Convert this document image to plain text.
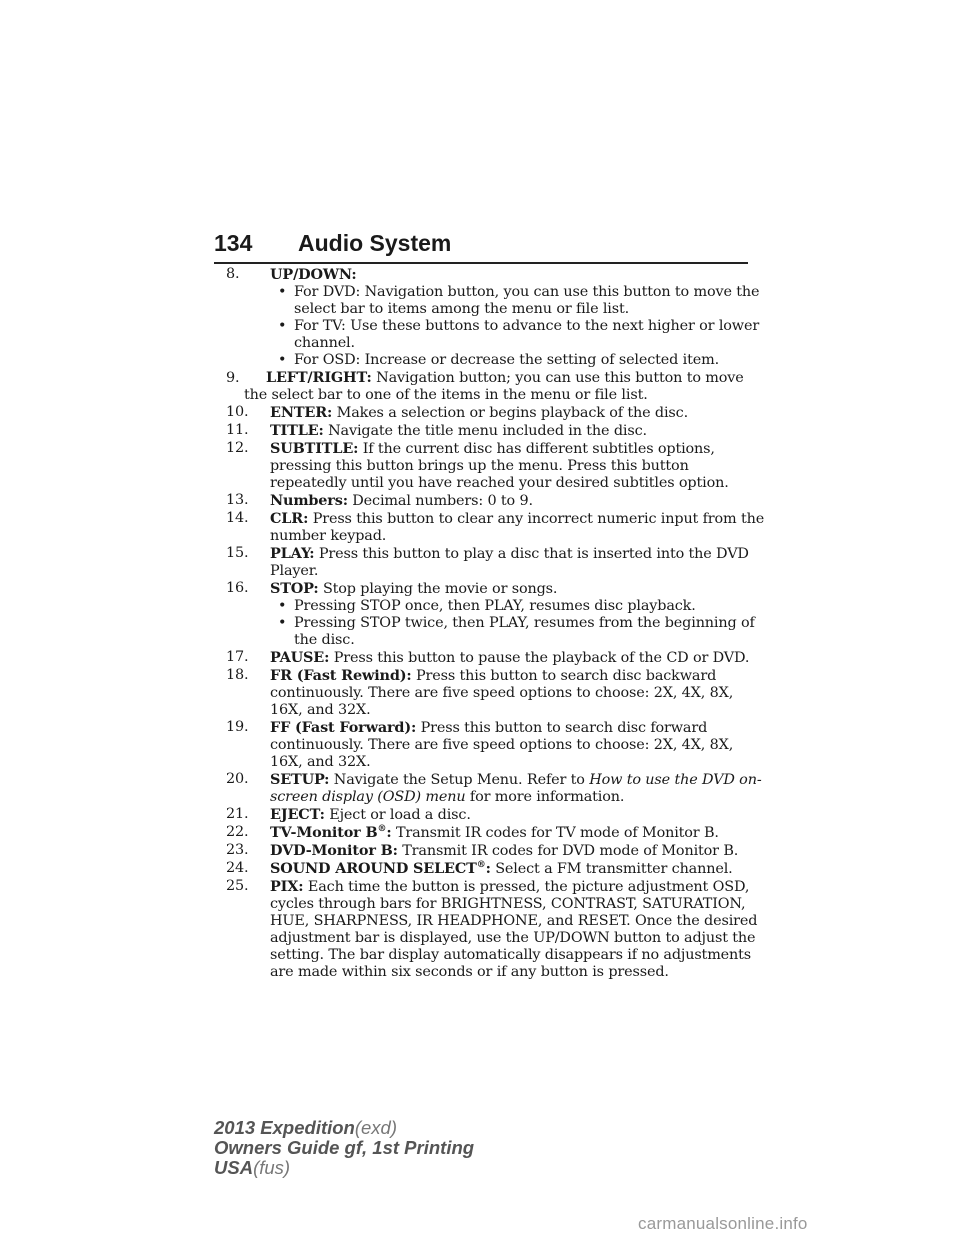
134 Audio System
8. UP/DOWN:
• For DVD: Navigation button, you can use this button to move the select bar to items among the menu or file list.
• For TV: Use these buttons to advance to the next higher or lower channel.
• For OSD: Increase or decrease the setting of selected item.
9. LEFT/RIGHT: Navigation button; you can use this button to move the select bar to one of the items in the menu or file list.
10. ENTER: Makes a selection or begins playback of the disc.
11. TITLE: Navigate the title menu included in the disc.
12. SUBTITLE: If the current disc has different subtitles options, pressing this button brings up the menu. Press this button repeatedly until you have reached your desired subtitles option.
13. Numbers: Decimal numbers: 0 to 9.
14. CLR: Press this button to clear any incorrect numeric input from the number keypad.
15. PLAY: Press this button to play a disc that is inserted into the DVD Player.
16. STOP: Stop playing the movie or songs.
• Pressing STOP once, then PLAY, resumes disc playback.
• Pressing STOP twice, then PLAY, resumes from the beginning of the disc.
17. PAUSE: Press this button to pause the playback of the CD or DVD.
18. FR (Fast Rewind): Press this button to search disc backward continuously. There are five speed options to choose: 2X, 4X, 8X, 16X, and 32X.
19. FF (Fast Forward): Press this button to search disc forward continuously. There are five speed options to choose: 2X, 4X, 8X, 16X, and 32X.
20. SETUP: Navigate the Setup Menu. Refer to How to use the DVD on-screen display (OSD) menu for more information.
21. EJECT: Eject or load a disc.
22. TV-Monitor B®: Transmit IR codes for TV mode of Monitor B.
23. DVD-Monitor B: Transmit IR codes for DVD mode of Monitor B.
24. SOUND AROUND SELECT®: Select a FM transmitter channel.
25. PIX: Each time the button is pressed, the picture adjustment OSD, cycles through bars for BRIGHTNESS, CONTRAST, SATURATION, HUE, SHARPNESS, IR HEADPHONE, and RESET. Once the desired adjustment bar is displayed, use the UP/DOWN button to adjust the setting. The bar display automatically disappears if no adjustments are made within six seconds or if any button is pressed.
2013 Expedition(exd)
Owners Guide gf, 1st Printing
USA(fus)
carmanualsonline.info
